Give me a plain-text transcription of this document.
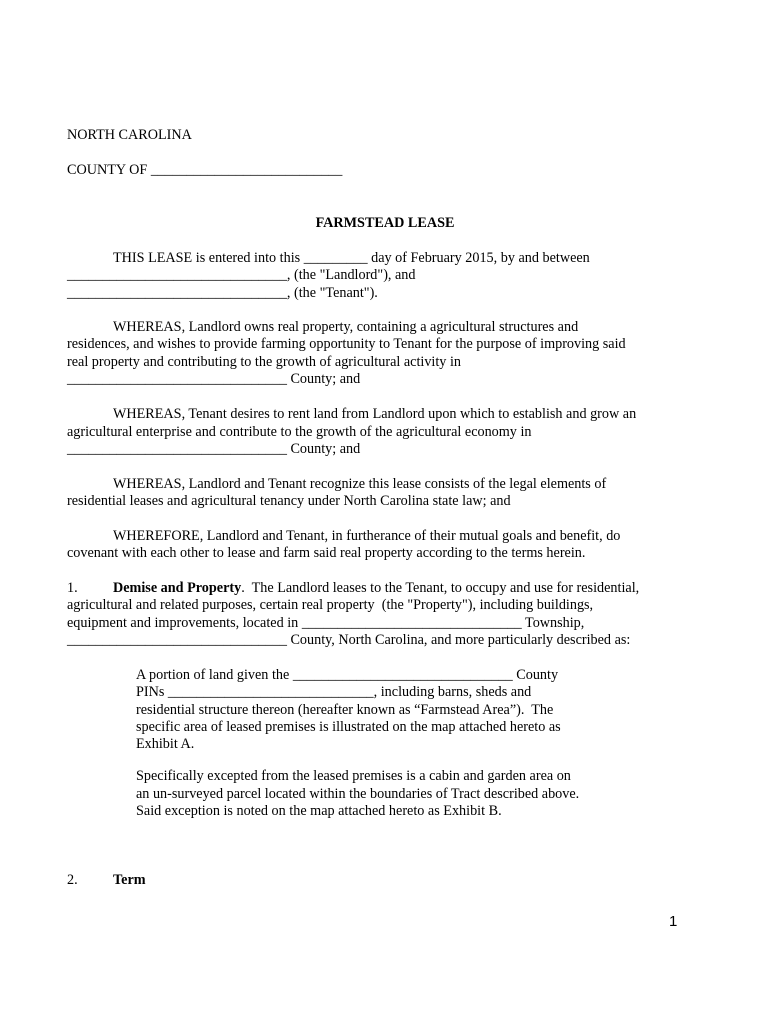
NORTH CAROLINA
COUNTY OF ___________________________
FARMSTEAD LEASE
THIS LEASE is entered into this _________ day of February 2015, by and between
_______________________________, (the "Landlord"), and
_______________________________, (the "Tenant").
WHEREAS, Landlord owns real property, containing a agricultural structures and
residences, and wishes to provide farming opportunity to Tenant for the purpose of improving said
real property and contributing to the growth of agricultural activity in
_______________________________ County; and
WHEREAS, Tenant desires to rent land from Landlord upon which to establish and grow an
agricultural enterprise and contribute to the growth of the agricultural economy in
_______________________________ County; and
WHEREAS, Landlord and Tenant recognize this lease consists of the legal elements of
residential leases and agricultural tenancy under North Carolina state law; and
WHEREFORE, Landlord and Tenant, in furtherance of their mutual goals and benefit, do
covenant with each other to lease and farm said real property according to the terms herein.
1. Demise and Property.  The Landlord leases to the Tenant, to occupy and use for residential,
agricultural and related purposes, certain real property  (the "Property"), including buildings,
equipment and improvements, located in _______________________________ Township,
_______________________________ County, North Carolina, and more particularly described as:
A portion of land given the _______________________________ County
PINs _____________________________, including barns, sheds and
residential structure thereon (hereafter known as “Farmstead Area”).  The
specific area of leased premises is illustrated on the map attached hereto as
Exhibit A.
Specifically excepted from the leased premises is a cabin and garden area on
an un-surveyed parcel located within the boundaries of Tract described above.
Said exception is noted on the map attached hereto as Exhibit B.
2. Term
1
